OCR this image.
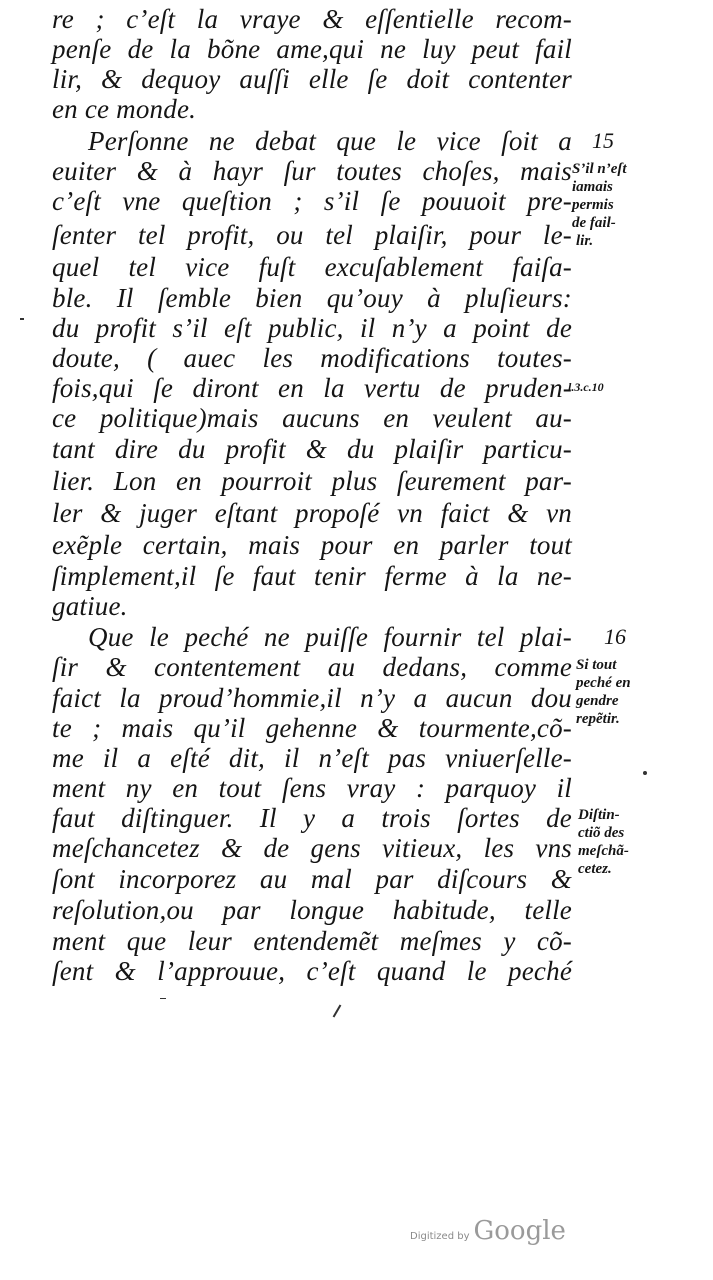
re ; c’eſt la vraye & eſſentielle recom-
penſe de la bõne ame,qui ne luy peut fail
lir, & dequoy auſſi elle ſe doit contenter
en ce monde.
Perſonne ne debat que le vice ſoit a
euiter & à hayr ſur toutes choſes, mais
c’eſt vne queſtion ; s’il ſe pouuoit pre-
ſenter tel profit, ou tel plaiſir, pour le-
quel tel vice fuſt excuſablement faiſa-
ble. Il ſemble bien qu’ouy à pluſieurs:
du profit s’il eſt public, il n’y a point de
doute, ( auec les modifications toutes-
fois,qui ſe diront en la vertu de pruden-
ce politique)mais aucuns en veulent au-
tant dire du profit & du plaiſir particu-
lier. Lon en pourroit plus ſeurement par-
ler & juger eſtant propoſé vn faict & vn
exẽple certain, mais pour en parler tout
ſimplement,il ſe faut tenir ferme à la ne-
gatiue.
Que le peché ne puiſſe fournir tel plai-
ſir & contentement au dedans, comme
faict la proud’hommie,il n’y a aucun dou
te ; mais qu’il gehenne & tourmente,cõ-
me il a eſté dit, il n’eſt pas vniuerſelle-
ment ny en tout ſens vray : parquoy il
faut diſtinguer. Il y a trois ſortes de
meſchancetez & de gens vitieux, les vns
ſont incorporez au mal par diſcours &
reſolution,ou par longue habitude, telle
ment que leur entendemẽt meſmes y cõ-
ſent & l’approuue, c’eſt quand le peché
15
16
S’il n’eſt
iamais
permis
de fail-
lir.
l.3.c.10
Si tout
peché en
gendre
repẽtir.
Diſtin-
ctiõ des
meſchã-
cetez.
Digitized by Google
